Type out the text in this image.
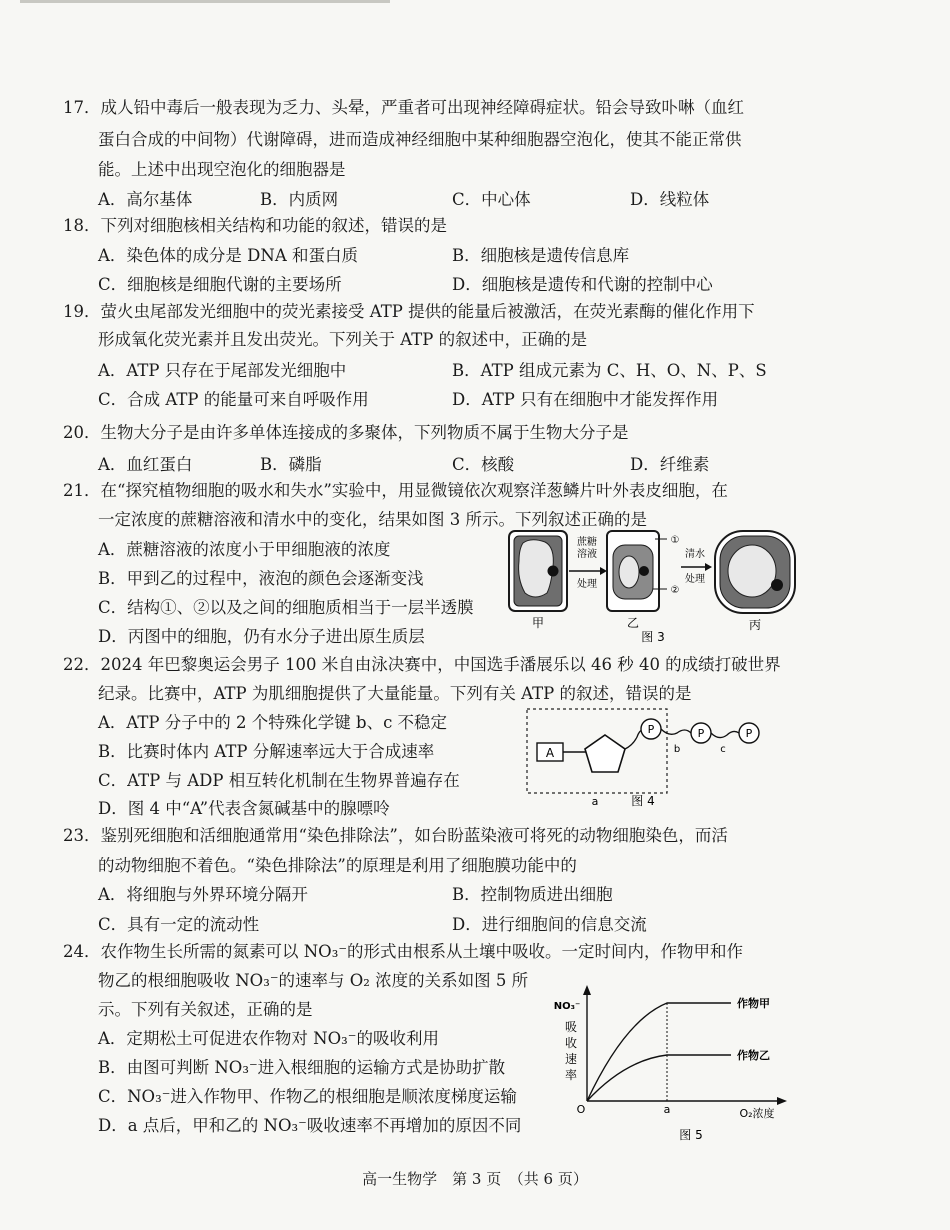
17．成人铅中毒后一般表现为乏力、头晕，严重者可出现神经障碍症状。铅会导致卟啉（血红
蛋白合成的中间物）代谢障碍，进而造成神经细胞中某种细胞器空泡化，使其不能正常供
能。上述中出现空泡化的细胞器是
A．高尔基体	B．内质网	C．中心体	D．线粒体
18．下列对细胞核相关结构和功能的叙述，错误的是
A．染色体的成分是 DNA 和蛋白质	B．细胞核是遗传信息库
C．细胞核是细胞代谢的主要场所	D．细胞核是遗传和代谢的控制中心
19．萤火虫尾部发光细胞中的荧光素接受 ATP 提供的能量后被激活，在荧光素酶的催化作用下
形成氧化荧光素并且发出荧光。下列关于 ATP 的叙述中，正确的是
A．ATP 只存在于尾部发光细胞中	B．ATP 组成元素为 C、H、O、N、P、S
C．合成 ATP 的能量可来自呼吸作用	D．ATP 只有在细胞中才能发挥作用
20．生物大分子是由许多单体连接成的多聚体，下列物质不属于生物大分子是
A．血红蛋白	B．磷脂	C．核酸	D．纤维素
21．在“探究植物细胞的吸水和失水”实验中，用显微镜依次观察洋葱鳞片叶外表皮细胞，在
一定浓度的蔗糖溶液和清水中的变化，结果如图 3 所示。下列叙述正确的是
A．蔗糖溶液的浓度小于甲细胞液的浓度
B．甲到乙的过程中，液泡的颜色会逐渐变浅
C．结构①、②以及之间的细胞质相当于一层半透膜
D．丙图中的细胞，仍有水分子进出原生质层
蔗糖
溶液
处理
①
②
清水
处理
甲	乙	丙
图 3
22．2024 年巴黎奥运会男子 100 米自由泳决赛中，中国选手潘展乐以 46 秒 40 的成绩打破世界
纪录。比赛中，ATP 为肌细胞提供了大量能量。下列有关 ATP 的叙述，错误的是
A．ATP 分子中的 2 个特殊化学键 b、c 不稳定
B．比赛时体内 ATP 分解速率远大于合成速率
C．ATP 与 ADP 相互转化机制在生物界普遍存在
D．图 4 中“A”代表含氮碱基中的腺嘌呤
A
P	P	P
b	c
a	图 4
23．鉴别死细胞和活细胞通常用“染色排除法”，如台盼蓝染液可将死的动物细胞染色，而活
的动物细胞不着色。“染色排除法”的原理是利用了细胞膜功能中的
A．将细胞与外界环境分隔开	B．控制物质进出细胞
C．具有一定的流动性	D．进行细胞间的信息交流
24．农作物生长所需的氮素可以 NO₃⁻的形式由根系从土壤中吸收。一定时间内，作物甲和作
物乙的根细胞吸收 NO₃⁻的速率与 O₂ 浓度的关系如图 5 所
示。下列有关叙述，正确的是
A．定期松土可促进农作物对 NO₃⁻的吸收利用
B．由图可判断 NO₃⁻进入根细胞的运输方式是协助扩散
C．NO₃⁻进入作物甲、作物乙的根细胞是顺浓度梯度运输
D．a 点后，甲和乙的 NO₃⁻吸收速率不再增加的原因不同
NO₃⁻
吸
收
速
率
O	a	O₂浓度
作物甲
作物乙
图 5
高一生物学　第 3 页　（共 6 页）
